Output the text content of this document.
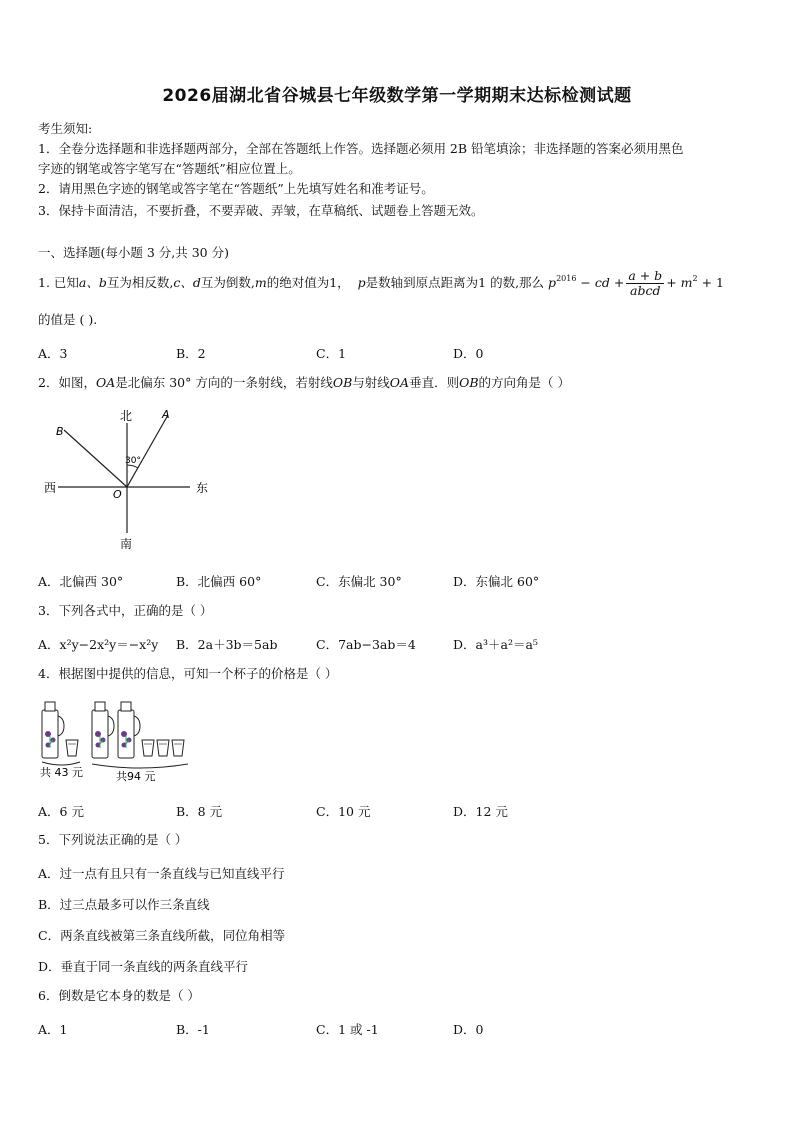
2026届湖北省谷城县七年级数学第一学期期末达标检测试题
考生须知:
1．全卷分选择题和非选择题两部分，全部在答题纸上作答。选择题必须用 2B 铅笔填涂；非选择题的答案必须用黑色
字迹的钢笔或答字笔写在“答题纸”相应位置上。
2．请用黑色字迹的钢笔或答字笔在“答题纸”上先填写姓名和准考证号。
3．保持卡面清洁，不要折叠，不要弄破、弄皱，在草稿纸、试题卷上答题无效。
一、选择题(每小题 3 分,共 30 分)
1. 已知a、b互为相反数,c、d互为倒数,m的绝对值为1， p是数轴到原点距离为1 的数,那么 $p^{2016}$ − cd + $\frac{a + b}{\text{abcd}} + m^2 + 1$
的值是 ( ).
A．3	B．2	C．1	D．0
2．如图，OA是北偏东 30° 方向的一条射线，若射线OB与射线OA垂直．则OB的方向角是（ ）
北
南
西	东
O
A
B
30°
A．北偏西 30°	B．北偏西 60°	C．东偏北 30°	D．东偏北 60°
3．下列各式中，正确的是（ ）
A．x²y−2x²y＝−x²y B．2a＋3b＝5ab	C．7ab−3ab＝4	D．a³＋a²＝a⁵
4．根据图中提供的信息，可知一个杯子的价格是（ ）
共 43 元	共94 元
A．6 元	B．8 元	C．10 元	D．12 元
5．下列说法正确的是（ ）
A．过一点有且只有一条直线与已知直线平行
B．过三点最多可以作三条直线
C．两条直线被第三条直线所截，同位角相等
D．垂直于同一条直线的两条直线平行
6．倒数是它本身的数是（ ）
A．1	B．-1	C．1 或 -1	D．0
